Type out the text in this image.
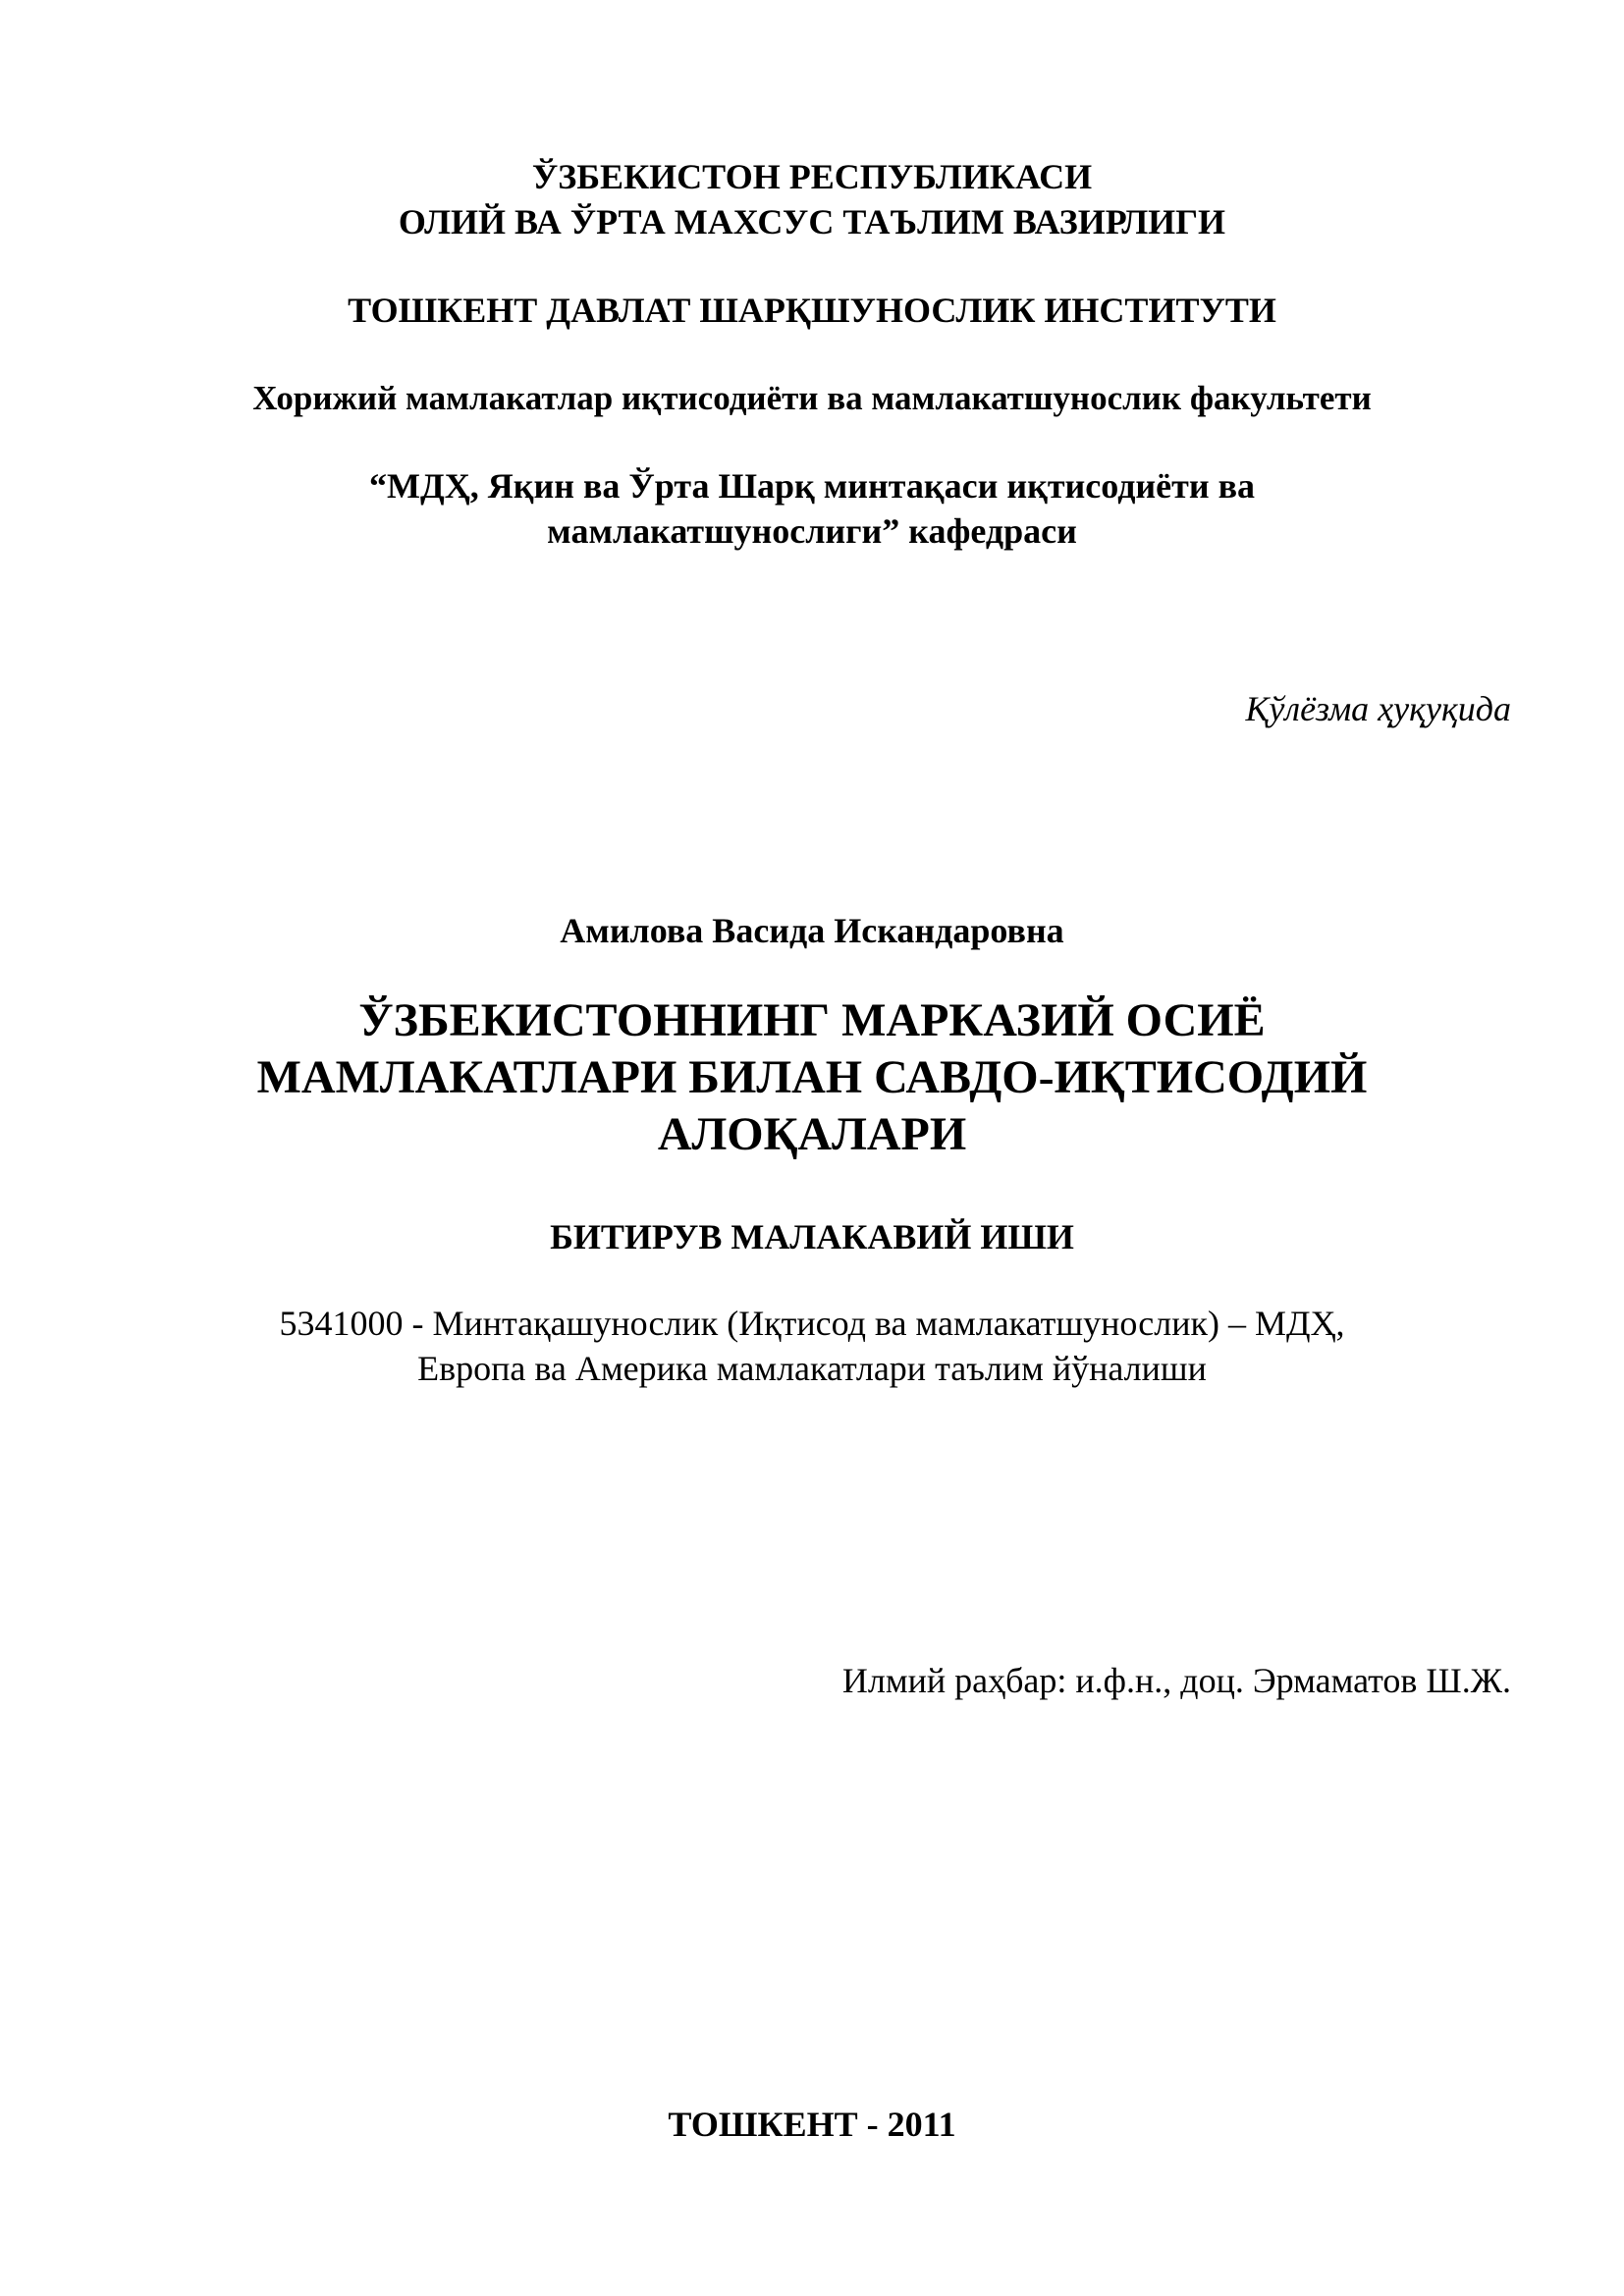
ЎЗБЕКИСТОН РЕСПУБЛИКАСИ
ОЛИЙ ВА ЎРТА МАХСУС ТАЪЛИМ ВАЗИРЛИГИ
ТОШКЕНТ ДАВЛАТ ШАРҚШУНОСЛИК ИНСТИТУТИ
Хорижий мамлакатлар иқтисодиёти ва мамлакатшунослик факультети
“МДҲ, Яқин ва Ўрта Шарқ минтақаси иқтисодиёти ва
мамлакатшунослиги” кафедраси
Қўлёзма ҳуқуқида
Амилова Васида Искандаровна
ЎЗБЕКИСТОННИНГ МАРКАЗИЙ ОСИЁ
МАМЛАКАТЛАРИ БИЛАН САВДО-ИҚТИСОДИЙ
АЛОҚАЛАРИ
БИТИРУВ МАЛАКАВИЙ ИШИ
5341000 - Минтақашунослик (Иқтисод ва мамлакатшунослик) – МДҲ,
Европа ва Америка мамлакатлари таълим йўналиши
Илмий раҳбар: и.ф.н., доц. Эрмаматов Ш.Ж.
ТОШКЕНТ - 2011
